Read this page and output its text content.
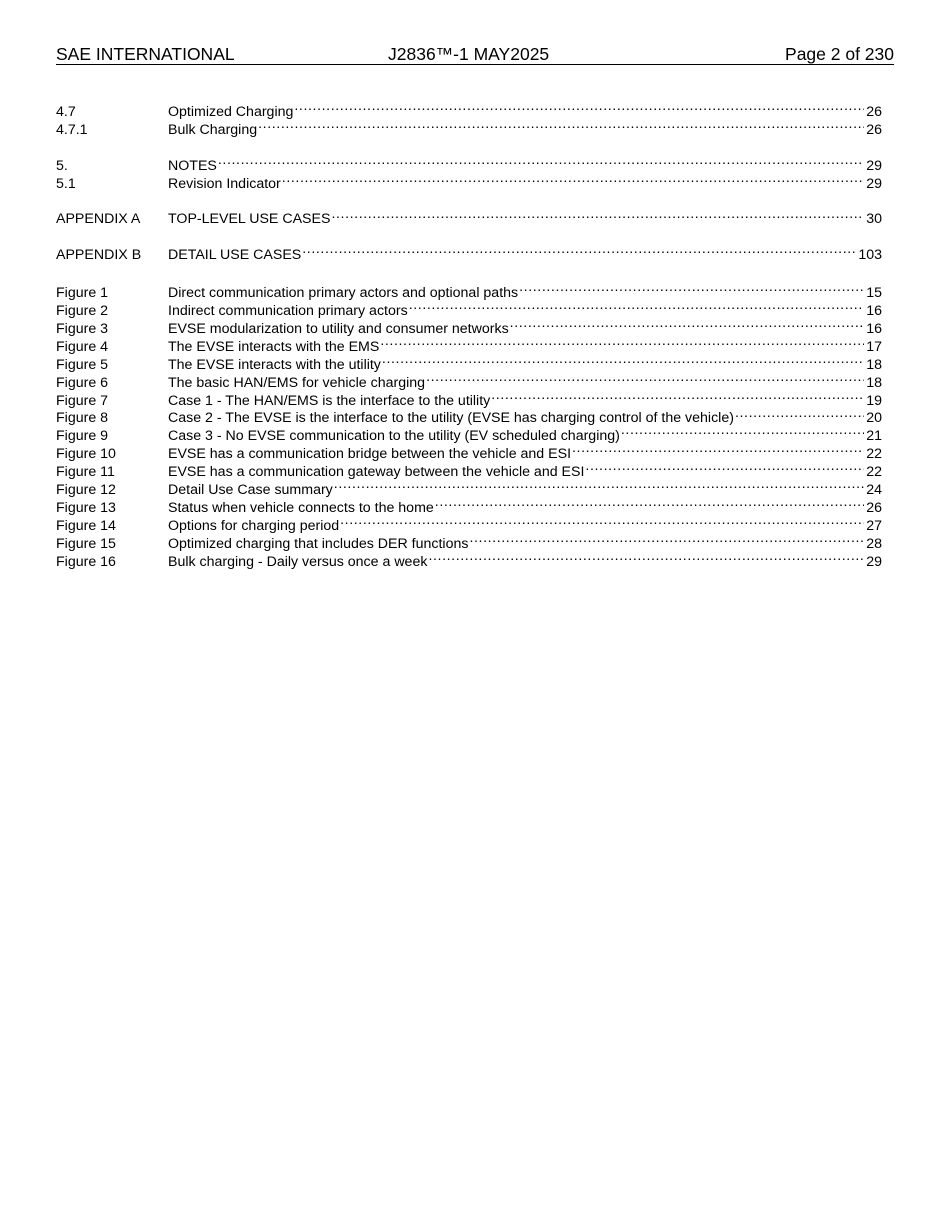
SAE INTERNATIONAL	J2836™-1 MAY2025	Page 2 of 230
4.7	Optimized Charging .....	26
4.7.1	Bulk Charging .....	26
5.	NOTES .....	29
5.1	Revision Indicator .....	29
APPENDIX A	TOP-LEVEL USE CASES .....	30
APPENDIX B	DETAIL USE CASES .....	103
Figure 1	Direct communication primary actors and optional paths .....	15
Figure 2	Indirect communication primary actors .....	16
Figure 3	EVSE modularization to utility and consumer networks .....	16
Figure 4	The EVSE interacts with the EMS .....	17
Figure 5	The EVSE interacts with the utility .....	18
Figure 6	The basic HAN/EMS for vehicle charging .....	18
Figure 7	Case 1 - The HAN/EMS is the interface to the utility .....	19
Figure 8	Case 2 - The EVSE is the interface to the utility (EVSE has charging control of the vehicle) .....	20
Figure 9	Case 3 - No EVSE communication to the utility (EV scheduled charging) .....	21
Figure 10	EVSE has a communication bridge between the vehicle and ESI .....	22
Figure 11	EVSE has a communication gateway between the vehicle and ESI .....	22
Figure 12	Detail Use Case summary .....	24
Figure 13	Status when vehicle connects to the home .....	26
Figure 14	Options for charging period .....	27
Figure 15	Optimized charging that includes DER functions .....	28
Figure 16	Bulk charging - Daily versus once a week .....	29
